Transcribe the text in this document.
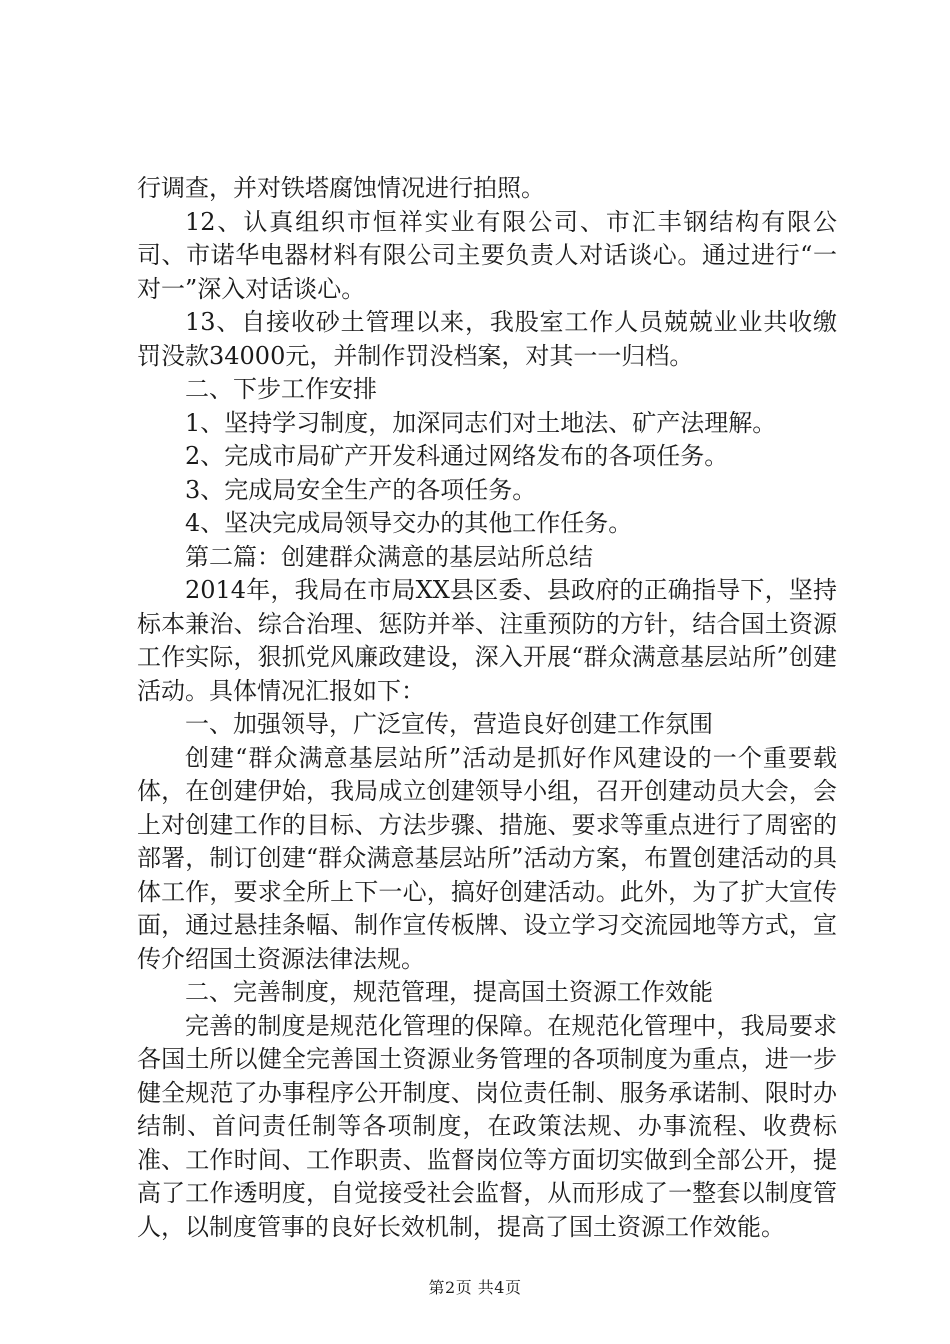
行调查，并对铁塔腐蚀情况进行拍照。

12、认真组织市恒祥实业有限公司、市汇丰钢结构有限公司、市诺华电器材料有限公司主要负责人对话谈心。通过进行“一对一”深入对话谈心。

13、自接收砂土管理以来，我股室工作人员兢兢业业共收缴罚没款34000元，并制作罚没档案，对其一一归档。

二、下步工作安排

1、坚持学习制度，加深同志们对土地法、矿产法理解。

2、完成市局矿产开发科通过网络发布的各项任务。

3、完成局安全生产的各项任务。

4、坚决完成局领导交办的其他工作任务。

第二篇：创建群众满意的基层站所总结

2014年，我局在市局XX县区委、县政府的正确指导下，坚持标本兼治、综合治理、惩防并举、注重预防的方针，结合国土资源工作实际，狠抓党风廉政建设，深入开展“群众满意基层站所”创建活动。具体情况汇报如下：

一、加强领导，广泛宣传，营造良好创建工作氛围

创建“群众满意基层站所”活动是抓好作风建设的一个重要载体，在创建伊始，我局成立创建领导小组，召开创建动员大会，会上对创建工作的目标、方法步骤、措施、要求等重点进行了周密的部署，制订创建“群众满意基层站所”活动方案，布置创建活动的具体工作，要求全所上下一心，搞好创建活动。此外，为了扩大宣传面，通过悬挂条幅、制作宣传板牌、设立学习交流园地等方式，宣传介绍国土资源法律法规。

二、完善制度，规范管理，提高国土资源工作效能

完善的制度是规范化管理的保障。在规范化管理中，我局要求各国土所以健全完善国土资源业务管理的各项制度为重点，进一步健全规范了办事程序公开制度、岗位责任制、服务承诺制、限时办结制、首问责任制等各项制度，在政策法规、办事流程、收费标准、工作时间、工作职责、监督岗位等方面切实做到全部公开，提高了工作透明度，自觉接受社会监督，从而形成了一整套以制度管人，以制度管事的良好长效机制，提高了国土资源工作效能。

第2页 共4页
